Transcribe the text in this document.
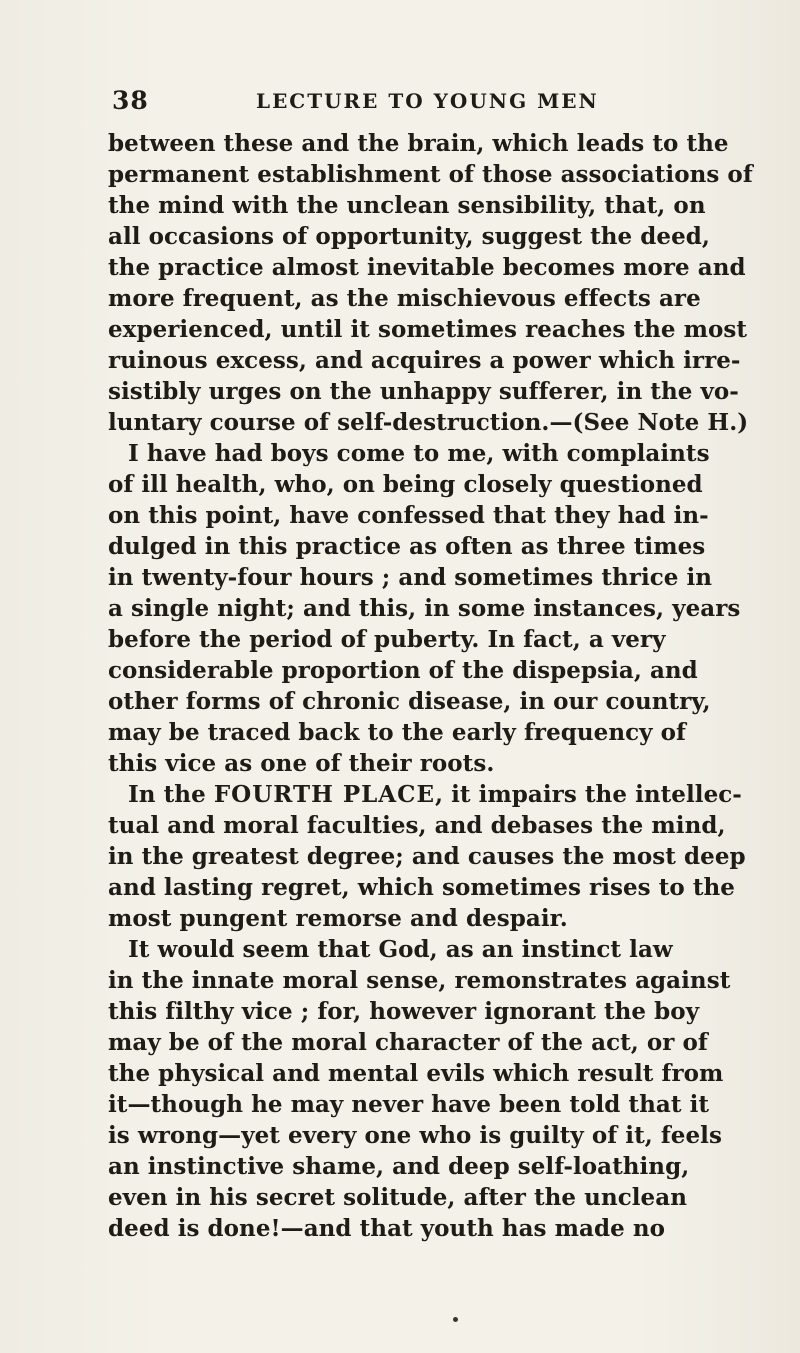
38	LECTURE TO YOUNG MEN
between these and the brain, which leads to the
permanent establishment of those associations of
the mind with the unclean sensibility, that, on
all occasions of opportunity, suggest the deed,
the practice almost inevitable becomes more and
more frequent, as the mischievous effects are
experienced, until it sometimes reaches the most
ruinous excess, and acquires a power which irre-
sistibly urges on the unhappy sufferer, in the vo-
luntary course of self-destruction.—(See Note H.)
I have had boys come to me, with complaints
of ill health, who, on being closely questioned
on this point, have confessed that they had in-
dulged in this practice as often as three times
in twenty-four hours ; and sometimes thrice in
a single night; and this, in some instances, years
before the period of puberty. In fact, a very
considerable proportion of the dispepsia, and
other forms of chronic disease, in our country,
may be traced back to the early frequency of
this vice as one of their roots.
In the FOURTH PLACE, it impairs the intellec-
tual and moral faculties, and debases the mind,
in the greatest degree; and causes the most deep
and lasting regret, which sometimes rises to the
most pungent remorse and despair.
It would seem that God, as an instinct law
in the innate moral sense, remonstrates against
this filthy vice ; for, however ignorant the boy
may be of the moral character of the act, or of
the physical and mental evils which result from
it—though he may never have been told that it
is wrong—yet every one who is guilty of it, feels
an instinctive shame, and deep self-loathing,
even in his secret solitude, after the unclean
deed is done!—and that youth has made no
